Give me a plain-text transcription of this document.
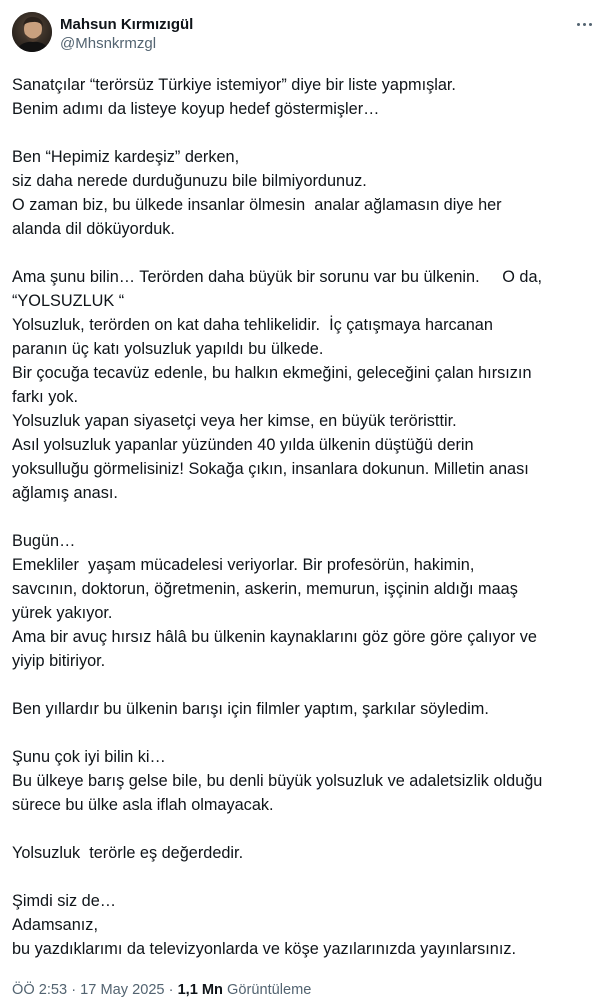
Mahsun Kırmızıgül
@Mhsnkrmzgl
Sanatçılar “terörsüz Türkiye istemiyor” diye bir liste yapmışlar.
Benim adımı da listeye koyup hedef göstermişler…
Ben “Hepimiz kardeşiz” derken,
siz daha nerede durduğunuzu bile bilmiyordunuz.
O zaman biz, bu ülkede insanlar ölmesin  analar ağlamasın diye her
alanda dil döküyorduk.
Ama şunu bilin… Terörden daha büyük bir sorunu var bu ülkenin.     O da,
“YOLSUZLUK “
Yolsuzluk, terörden on kat daha tehlikelidir.  İç çatışmaya harcanan
paranın üç katı yolsuzluk yapıldı bu ülkede.
Bir çocuğa tecavüz edenle, bu halkın ekmeğini, geleceğini çalan hırsızın
farkı yok.
Yolsuzluk yapan siyasetçi veya her kimse, en büyük teröristtir.
Asıl yolsuzluk yapanlar yüzünden 40 yılda ülkenin düştüğü derin
yoksulluğu görmelisiniz! Sokağa çıkın, insanlara dokunun. Milletin anası
ağlamış anası.
Bugün…
Emekliler  yaşam mücadelesi veriyorlar. Bir profesörün, hakimin,
savcının, doktorun, öğretmenin, askerin, memurun, işçinin aldığı maaş
yürek yakıyor.
Ama bir avuç hırsız hâlâ bu ülkenin kaynaklarını göz göre göre çalıyor ve
yiyip bitiriyor.
Ben yıllardır bu ülkenin barışı için filmler yaptım, şarkılar söyledim.
Şunu çok iyi bilin ki…
Bu ülkeye barış gelse bile, bu denli büyük yolsuzluk ve adaletsizlik olduğu
sürece bu ülke asla iflah olmayacak.
Yolsuzluk  terörle eş değerdedir.
Şimdi siz de…
Adamsanız,
bu yazdıklarımı da televizyonlarda ve köşe yazılarınızda yayınlarsınız.
ÖÖ 2:53 · 17 May 2025 · 1,1 Mn Görüntüleme
